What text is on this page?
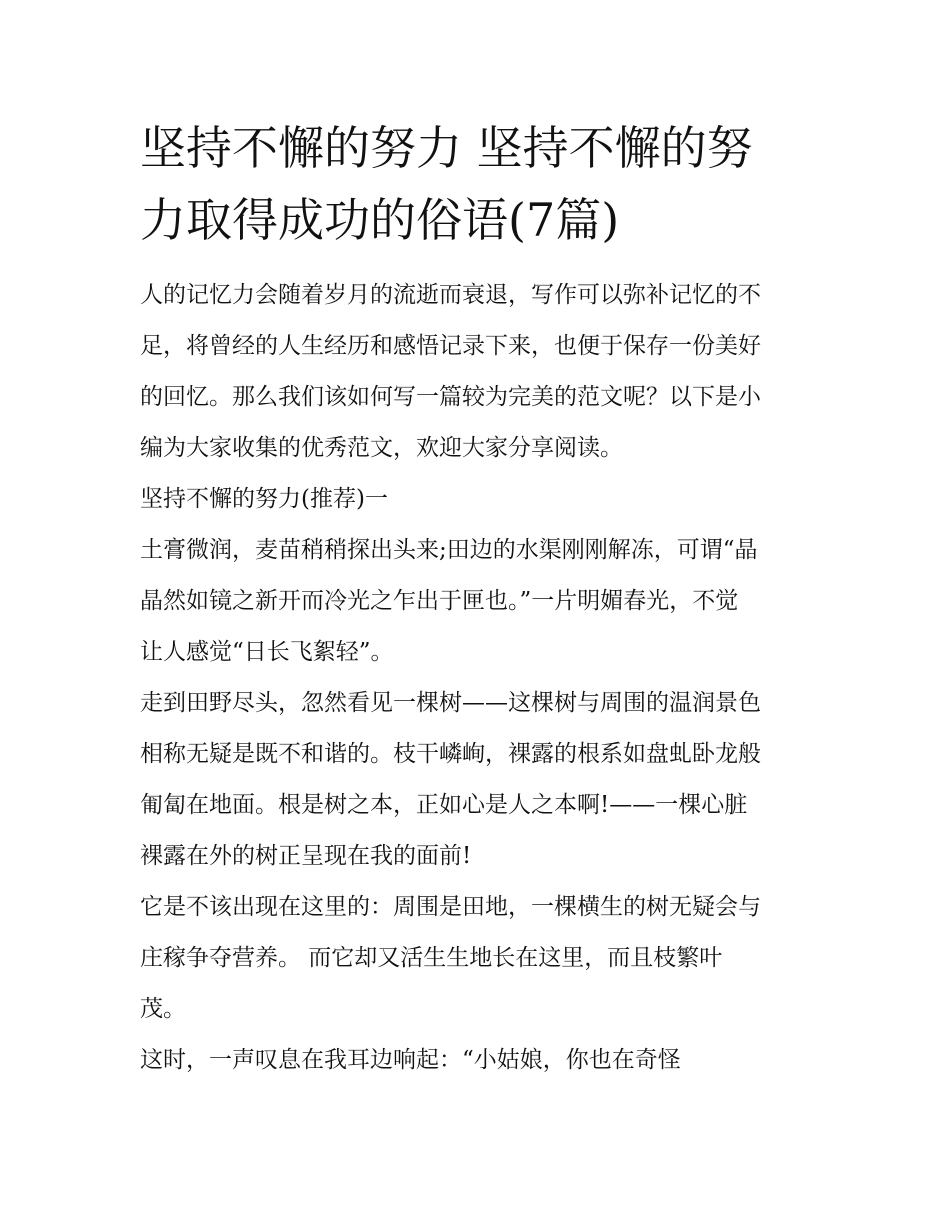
坚持不懈的努力 坚持不懈的努
力取得成功的俗语(7篇)

人的记忆力会随着岁月的流逝而衰退，写作可以弥补记忆的不
足，将曾经的人生经历和感悟记录下来，也便于保存一份美好
的回忆。那么我们该如何写一篇较为完美的范文呢？以下是小
编为大家收集的优秀范文，欢迎大家分享阅读。

坚持不懈的努力(推荐)一

土膏微润，麦苗稍稍探出头来;田边的水渠刚刚解冻，可谓“晶
晶然如镜之新开而冷光之乍出于匣也。”一片明媚春光，不觉
让人感觉“日长飞絮轻”。

走到田野尽头，忽然看见一棵树——这棵树与周围的温润景色
相称无疑是既不和谐的。枝干嶙峋，裸露的根系如盘虬卧龙般
匍匐在地面。根是树之本，正如心是人之本啊!——一棵心脏
裸露在外的树正呈现在我的面前!

它是不该出现在这里的：周围是田地，一棵横生的树无疑会与
庄稼争夺营养。 而它却又活生生地长在这里，而且枝繁叶
茂。

这时，一声叹息在我耳边响起：“小姑娘，你也在奇怪
